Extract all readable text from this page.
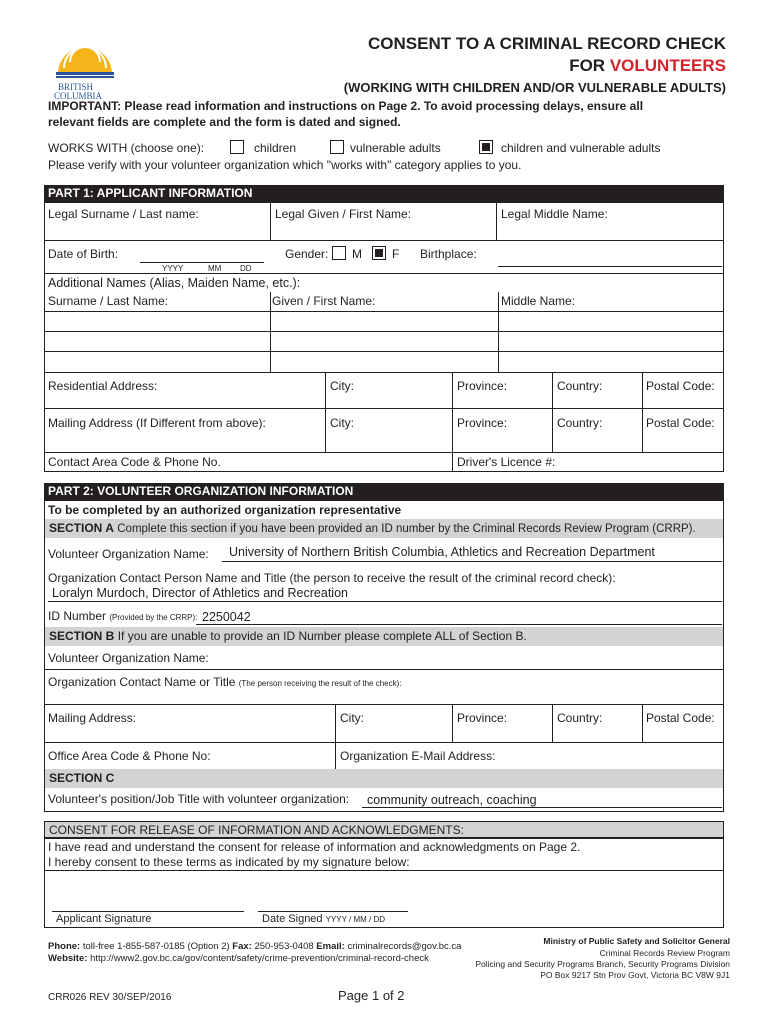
BRITISH
COLUMBIA
CONSENT TO A CRIMINAL RECORD CHECK
FOR VOLUNTEERS
(WORKING WITH CHILDREN AND/OR VULNERABLE ADULTS)
IMPORTANT: Please read information and instructions on Page 2. To avoid processing delays, ensure all
relevant fields are complete and the form is dated and signed.
WORKS WITH (choose one):	children	vulnerable adults	children and vulnerable adults
Please verify with your volunteer organization which "works with" category applies to you.
PART 1: APPLICANT INFORMATION
Legal Surname / Last name:	Legal Given / First Name:	Legal Middle Name:
Date of Birth:
YYYY	MM DD
Gender: M	F Birthplace:
Additional Names (Alias, Maiden Name, etc.):
Surname / Last Name:	Given / First Name:	Middle Name:
Residential Address:	City:	Province:	Country:	Postal Code:
Mailing Address (If Different from above):	City:	Province:	Country:	Postal Code:
Contact Area Code & Phone No.	Driver's Licence #:
PART 2: VOLUNTEER ORGANIZATION INFORMATION
To be completed by an authorized organization representative
SECTION A Complete this section if you have been provided an ID number by the Criminal Records Review Program (CRRP).
Volunteer Organization Name: University of Northern British Columbia, Athletics and Recreation Department
Organization Contact Person Name and Title (the person to receive the result of the criminal record check):
Loralyn Murdoch, Director of Athletics and Recreation
ID Number (Provided by the CRRP): 2250042
SECTION B If you are unable to provide an ID Number please complete ALL of Section B.
Volunteer Organization Name:
Organization Contact Name or Title (The person receiving the result of the check):
Mailing Address:	City:	Province:	Country:	Postal Code:
Office Area Code & Phone No:	Organization E-Mail Address:
SECTION C
Volunteer's position/Job Title with volunteer organization: community outreach, coaching
CONSENT FOR RELEASE OF INFORMATION AND ACKNOWLEDGMENTS:
I have read and understand the consent for release of information and acknowledgments on Page 2.
I hereby consent to these terms as indicated by my signature below:
Applicant Signature	Date Signed YYYY / MM / DD
Phone: toll-free 1-855-587-0185 (Option 2) Fax: 250-953-0408 Email: criminalrecords@gov.bc.ca
Website: http://www2.gov.bc.ca/gov/content/safety/crime-prevention/criminal-record-check
Ministry of Public Safety and Solicitor General
Criminal Records Review Program
Policing and Security Programs Branch, Security Programs Division
PO Box 9217 Stn Prov Govt, Victoria BC V8W 9J1
CRR026 REV 30/SEP/2016	Page 1 of 2
